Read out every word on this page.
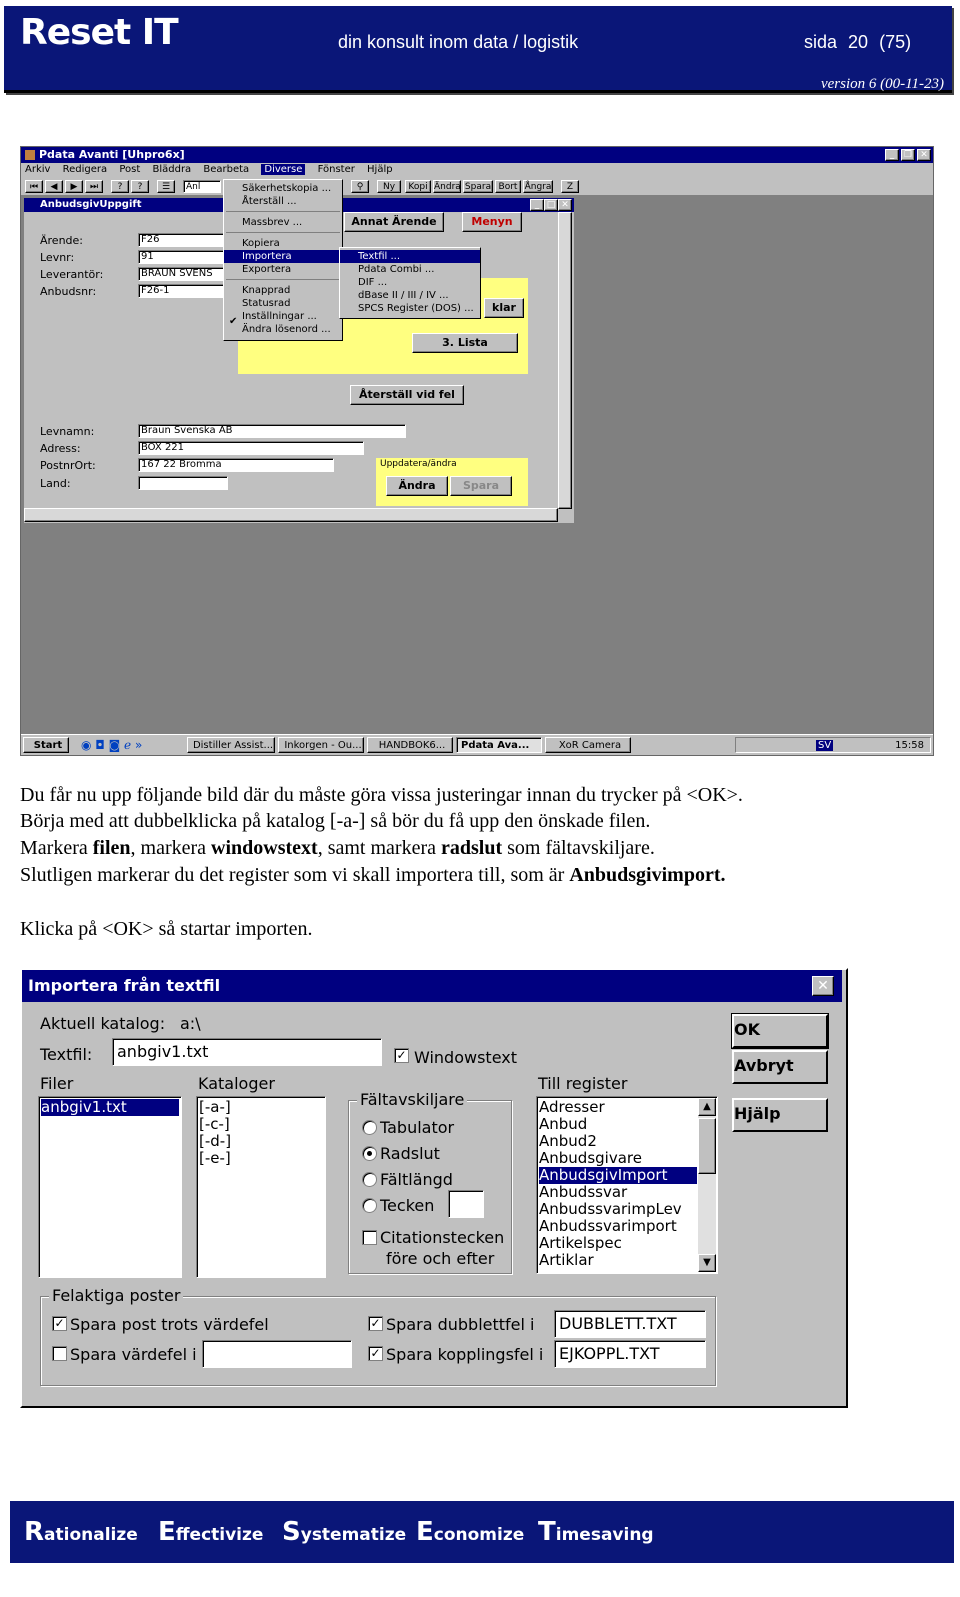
Reset IT	din konsult inom data / logistik	sida 20 (75)
version 6 (00-11-23)
Pdata Avanti [Uhpro6x]	_	❐ ✕
Arkiv Redigera Post Bläddra Bearbeta Diverse Fönster Hjälp
⏮	◀	▶	⏭	?	?	☰	Anl	⚲	Ny	Kopi Ändra Spara Bort Ångra	Z
AnbudsgivUppgift	_ □ ✕
Ärende:	F26
Levnr:	91
Leverantör:	BRAUN SVENS
Anbudsnr:	F26-1
Annat Ärende	Menyn
klar
3. Lista
Återställ vid fel
Levnamn:	Braun Svenska AB
Adress:	BOX 221
PostnrOrt:	167 22 Bromma
Land:
Uppdatera/ändra
Ändra	Spara
Säkerhetskopia ...
Återställ ...
Massbrev ...
Kopiera
Importera
Exportera
Knapprad
Statusrad
Inställningar ...
Ändra lösenord ...
✔
Textfil ...
Pdata Combi ...
DIF ...
dBase II / III / IV ...
SPCS Register (DOS) ...
Start	◉ ◘ ◙ ℯ »	Distiller Assist...	Inkorgen - Ou...	HANDBOK6...	Pdata Ava...	XoR Camera	SV	15:58
Du får nu upp följande bild där du måste göra vissa justeringar innan du trycker på <OK>.
Börja med att dubbelklicka på katalog [-a-] så bör du få upp den önskade filen.
Markera filen, markera windowstext, samt markera radslut som fältavskiljare.
Slutligen markerar du det register som vi skall importera till, som är Anbudsgivimport.
Klicka på <OK> så startar importen.
Importera från textfil	✕
Aktuell katalog: a:\
Textfil:	anbgiv1.txt	✓ Windowstext
Filer
anbgiv1.txt
Kataloger
[-a-]
[-c-]
[-d-]
[-e-]
Fältavskiljare
Tabulator
Radslut
Fältlängd
Tecken
Citationstecken
före och efter
Till register
Adresser
Anbud
Anbud2
Anbudsgivare
AnbudsgivImport
Anbudssvar
AnbudssvarimpLev
Anbudssvarimport
Artikelspec
Artiklar
▲
▼
OK
Avbryt
Hjälp
Felaktiga poster
✓ Spara post trots värdefel
Spara värdefel i
✓ Spara dubblettfel i	DUBBLETT.TXT
✓ Spara kopplingsfel i EJKOPPL.TXT
Rationalize Effectivize Systematize Economize Timesaving
